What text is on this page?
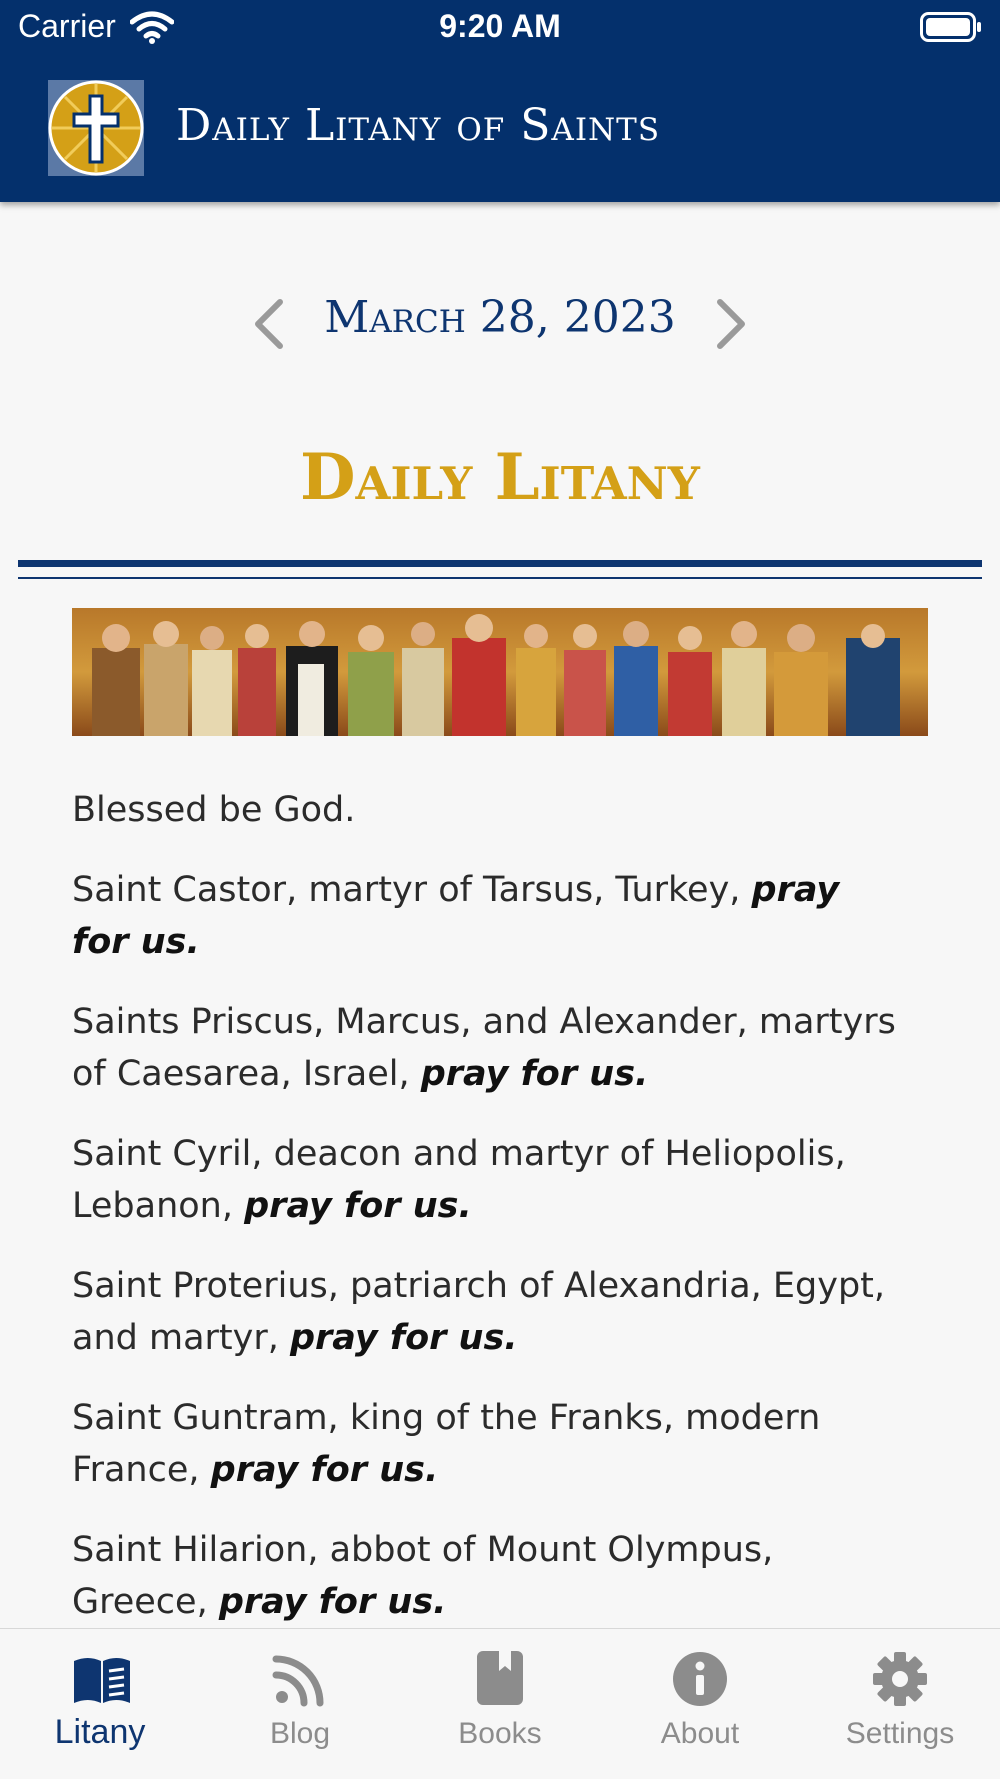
Carrier	9:20 AM
Daily Litany of Saints
March 28, 2023
Daily Litany

Blessed be God.

Saint Castor, martyr of Tarsus, Turkey, pray for us.

Saints Priscus, Marcus, and Alexander, martyrs of Caesarea, Israel, pray for us.

Saint Cyril, deacon and martyr of Heliopolis, Lebanon, pray for us.

Saint Proterius, patriarch of Alexandria, Egypt, and martyr, pray for us.

Saint Guntram, king of the Franks, modern France, pray for us.

Saint Hilarion, abbot of Mount Olympus, Greece, pray for us.

Litany	Blog	Books	About	Settings
